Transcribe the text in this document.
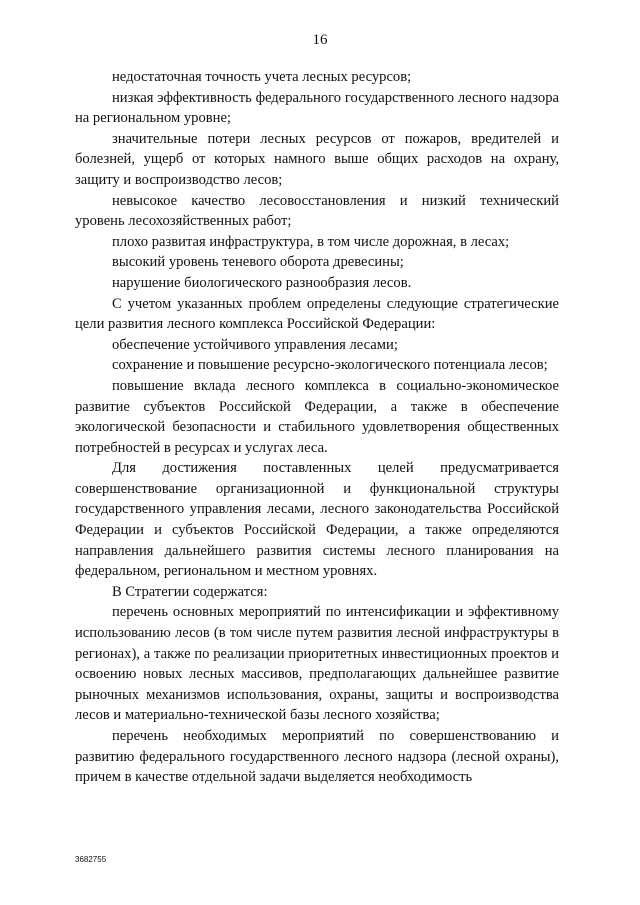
16

недостаточная точность учета лесных ресурсов;

низкая эффективность федерального государственного лесного надзора на региональном уровне;

значительные потери лесных ресурсов от пожаров, вредителей и болезней, ущерб от которых намного выше общих расходов на охрану, защиту и воспроизводство лесов;

невысокое качество лесовосстановления и низкий технический уровень лесохозяйственных работ;

плохо развитая инфраструктура, в том числе дорожная, в лесах;

высокий уровень теневого оборота древесины;

нарушение биологического разнообразия лесов.

С учетом указанных проблем определены следующие стратегические цели развития лесного комплекса Российской Федерации:

обеспечение устойчивого управления лесами;

сохранение и повышение ресурсно-экологического потенциала лесов;

повышение вклада лесного комплекса в социально-экономическое развитие субъектов Российской Федерации, а также в обеспечение экологической безопасности и стабильного удовлетворения общественных потребностей в ресурсах и услугах леса.

Для достижения поставленных целей предусматривается совершенствование организационной и функциональной структуры государственного управления лесами, лесного законодательства Российской Федерации и субъектов Российской Федерации, а также определяются направления дальнейшего развития системы лесного планирования на федеральном, региональном и местном уровнях.

В Стратегии содержатся:

перечень основных мероприятий по интенсификации и эффективному использованию лесов (в том числе путем развития лесной инфраструктуры в регионах), а также по реализации приоритетных инвестиционных проектов и освоению новых лесных массивов, предполагающих дальнейшее развитие рыночных механизмов использования, охраны, защиты и воспроизводства лесов и материально-технической базы лесного хозяйства;

перечень необходимых мероприятий по совершенствованию и развитию федерального государственного лесного надзора (лесной охраны), причем в качестве отдельной задачи выделяется необходимость

3682755
